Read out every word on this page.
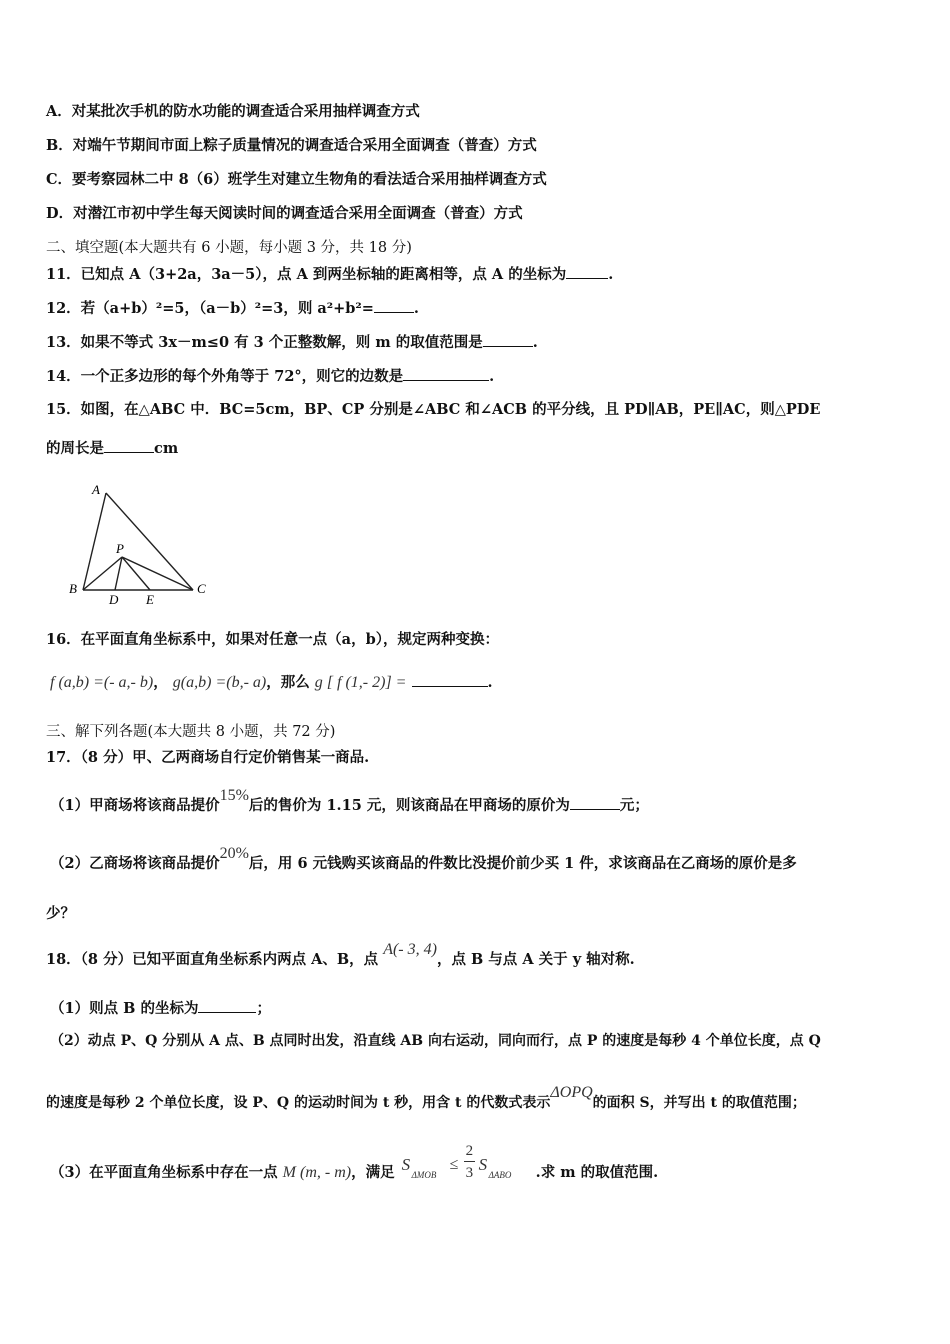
A．对某批次手机的防水功能的调查适合采用抽样调查方式
B．对端午节期间市面上粽子质量情况的调查适合采用全面调查（普查）方式
C．要考察园林二中 8（6）班学生对建立生物角的看法适合采用抽样调查方式
D．对潜江市初中学生每天阅读时间的调查适合采用全面调查（普查）方式
二、填空题(本大题共有 6 小题，每小题 3 分，共 18 分)
11．已知点 A（3+2a，3a－5），点 A 到两坐标轴的距离相等，点 A 的坐标为	.
12．若（a+b）²=5，（a－b）²=3，则 a²+b²=	.
13．如果不等式 3x－m≤0 有 3 个正整数解，则 m 的取值范围是	.
14．一个正多边形的每个外角等于 72°，则它的边数是	.
15．如图，在△ABC 中．BC=5cm，BP、CP 分别是∠ABC 和∠ACB 的平分线，且 PD∥AB，PE∥AC，则△PDE
的周长是	cm
A
P
B
D E
C
16．在平面直角坐标系中，如果对任意一点（a，b），规定两种变换：
f (a,b) =(- a,- b)， g(a,b) =(b,- a)，那么 g [ f (1,- 2)] =	.
三、解下列各题(本大题共 8 小题，共 72 分)
17．（8 分）甲、乙两商场自行定价销售某一商品.
（1）甲商场将该商品提价15%后的售价为 1.15 元，则该商品在甲商场的原价为	元；
（2）乙商场将该商品提价20%后，用 6 元钱购买该商品的件数比没提价前少买 1 件，求该商品在乙商场的原价是多
少？
18．（8 分）已知平面直角坐标系内两点 A、B，点 A(- 3, 4)，点 B 与点 A 关于 y 轴对称.
（1）则点 B 的坐标为	；
（2）动点 P、Q 分别从 A 点、B 点同时出发，沿直线 AB 向右运动，同向而行，点 P 的速度是每秒 4 个单位长度，点 Q
的速度是每秒 2 个单位长度，设 P、Q 的运动时间为 t 秒，用含 t 的代数式表示ΔOPQ的面积 S，并写出 t 的取值范围；
（3）在平面直角坐标系中存在一点 M (m, - m)，满足 S
ΔMOB
≤
2
3 S
ΔABO .求 m 的取值范围.
